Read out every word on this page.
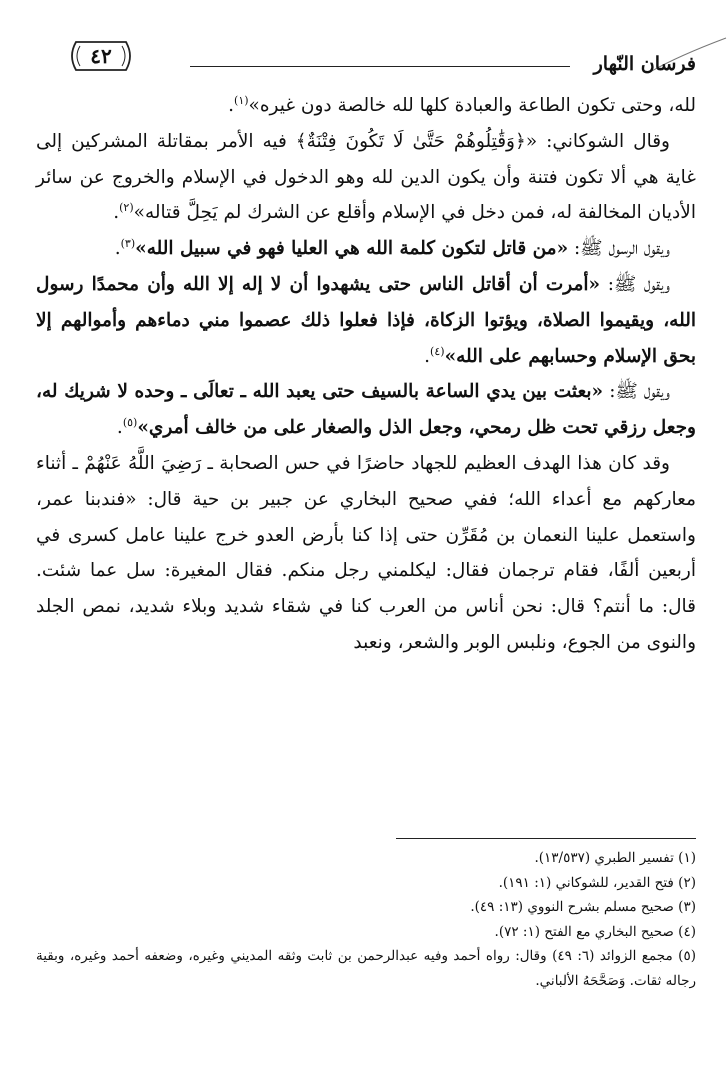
٤٢	فرسان النّهار

لله، وحتى تكون الطاعة والعبادة كلها لله خالصة دون غيره»$^{(١)}$.

وقال الشوكاني: «﴿وَقَٰتِلُوهُمْ حَتَّىٰ لَا تَكُونَ فِتْنَةٌ﴾ فيه الأمر بمقاتلة المشركين إلى غاية هي ألا تكون فتنة وأن يكون الدين لله وهو الدخول في الإسلام والخروج عن سائر الأديان المخالفة له، فمن دخل في الإسلام وأقلع عن الشرك لم يَحِلَّ قتاله»$^{(٢)}$.

ويقول الرسول ﷺ: «من قاتل لتكون كلمة الله هي العليا فهو في سبيل الله»$^{(٣)}$.

ويقول ﷺ: «أمرت أن أقاتل الناس حتى يشهدوا أن لا إله إلا الله وأن محمدًا رسول الله، ويقيموا الصلاة، ويؤتوا الزكاة، فإذا فعلوا ذلك عصموا مني دماءهم وأموالهم إلا بحق الإسلام وحسابهم على الله»$^{(٤)}$.

ويقول ﷺ: «بعثت بين يدي الساعة بالسيف حتى يعبد الله ـ تعالَى ـ وحده لا شريك له، وجعل رزقي تحت ظل رمحي، وجعل الذل والصغار على من خالف أمري»$^{(٥)}$.

وقد كان هذا الهدف العظيم للجهاد حاضرًا في حس الصحابة ـ رَضِيَ اللَّهُ عَنْهُمْ ـ أثناء معاركهم مع أعداء الله؛ ففي صحيح البخاري عن جبير بن حية قال: «فندبنا عمر، واستعمل علينا النعمان بن مُقَرِّن حتى إذا كنا بأرض العدو خرج علينا عامل كسرى في أربعين ألفًا، فقام ترجمان فقال: ليكلمني رجل منكم. فقال المغيرة: سل عما شئت. قال: ما أنتم؟ قال: نحن أناس من العرب كنا في شقاء شديد وبلاء شديد، نمص الجلد والنوى من الجوع، ونلبس الوبر والشعر، ونعبد

(١) تفسير الطبري (١٣/٥٣٧).

(٢) فتح القدير، للشوكاني (١: ١٩١).

(٣) صحيح مسلم بشرح النووي (١٣: ٤٩).

(٤) صحيح البخاري مع الفتح (١: ٧٢).

(٥) مجمع الزوائد (٦: ٤٩) وقال: رواه أحمد وفيه عبدالرحمن بن ثابت وثقه المديني وغيره، وضعفه أحمد وغيره، وبقية رجاله ثقات. وَصَحَّحَهُ الألباني.
